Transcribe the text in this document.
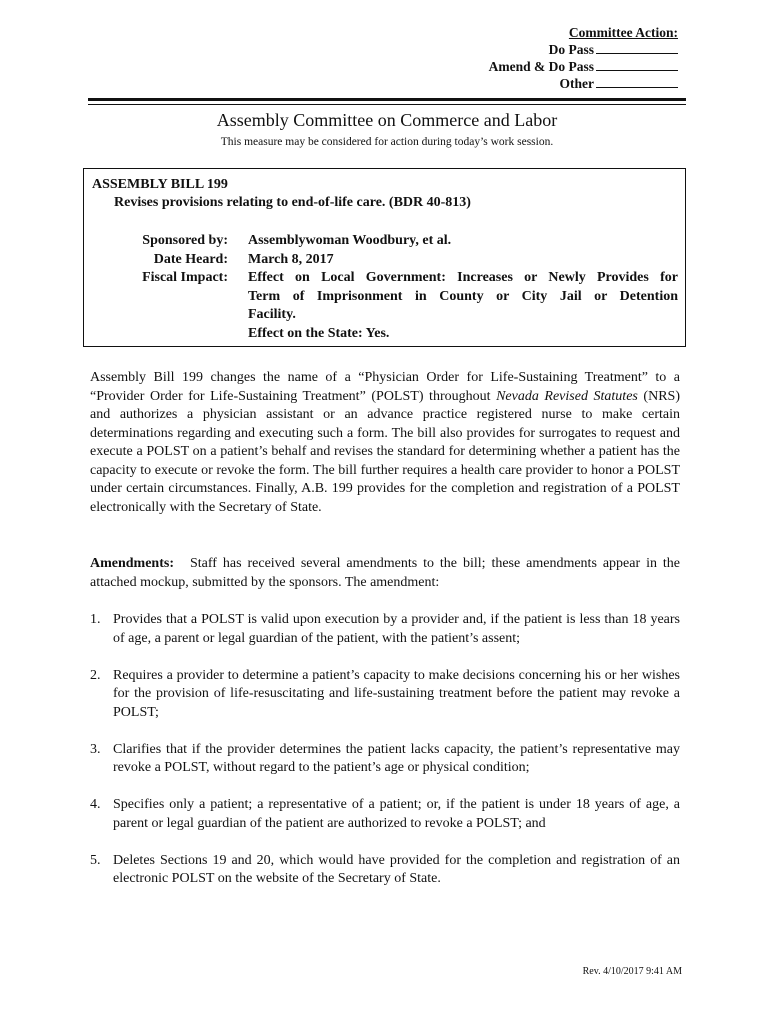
Committee Action:
Do Pass
Amend & Do Pass
Other
Assembly Committee on Commerce and Labor
This measure may be considered for action during today’s work session.
ASSEMBLY BILL 199
Revises provisions relating to end-of-life care. (BDR 40-813)
Sponsored by: Assemblywoman Woodbury, et al.
Date Heard: March 8, 2017
Fiscal Impact: Effect on Local Government: Increases or Newly Provides for
Term of Imprisonment in County or City Jail or Detention
Facility.
Effect on the State: Yes.
Assembly Bill 199 changes the name of a “Physician Order for Life-Sustaining Treatment” to a “Provider Order for Life-Sustaining Treatment” (POLST) throughout Nevada Revised Statutes (NRS) and authorizes a physician assistant or an advance practice registered nurse to make certain determinations regarding and executing such a form. The bill also provides for surrogates to request and execute a POLST on a patient’s behalf and revises the standard for determining whether a patient has the capacity to execute or revoke the form. The bill further requires a health care provider to honor a POLST under certain circumstances. Finally, A.B. 199 provides for the completion and registration of a POLST electronically with the Secretary of State.
Amendments: Staff has received several amendments to the bill; these amendments appear in the attached mockup, submitted by the sponsors. The amendment:
1. Provides that a POLST is valid upon execution by a provider and, if the patient is less than 18 years of age, a parent or legal guardian of the patient, with the patient’s assent;
2. Requires a provider to determine a patient’s capacity to make decisions concerning his or her wishes for the provision of life-resuscitating and life-sustaining treatment before the patient may revoke a POLST;
3. Clarifies that if the provider determines the patient lacks capacity, the patient’s representative may revoke a POLST, without regard to the patient’s age or physical condition;
4. Specifies only a patient; a representative of a patient; or, if the patient is under 18 years of age, a parent or legal guardian of the patient are authorized to revoke a POLST; and
5. Deletes Sections 19 and 20, which would have provided for the completion and registration of an electronic POLST on the website of the Secretary of State.
Rev. 4/10/2017 9:41 AM
